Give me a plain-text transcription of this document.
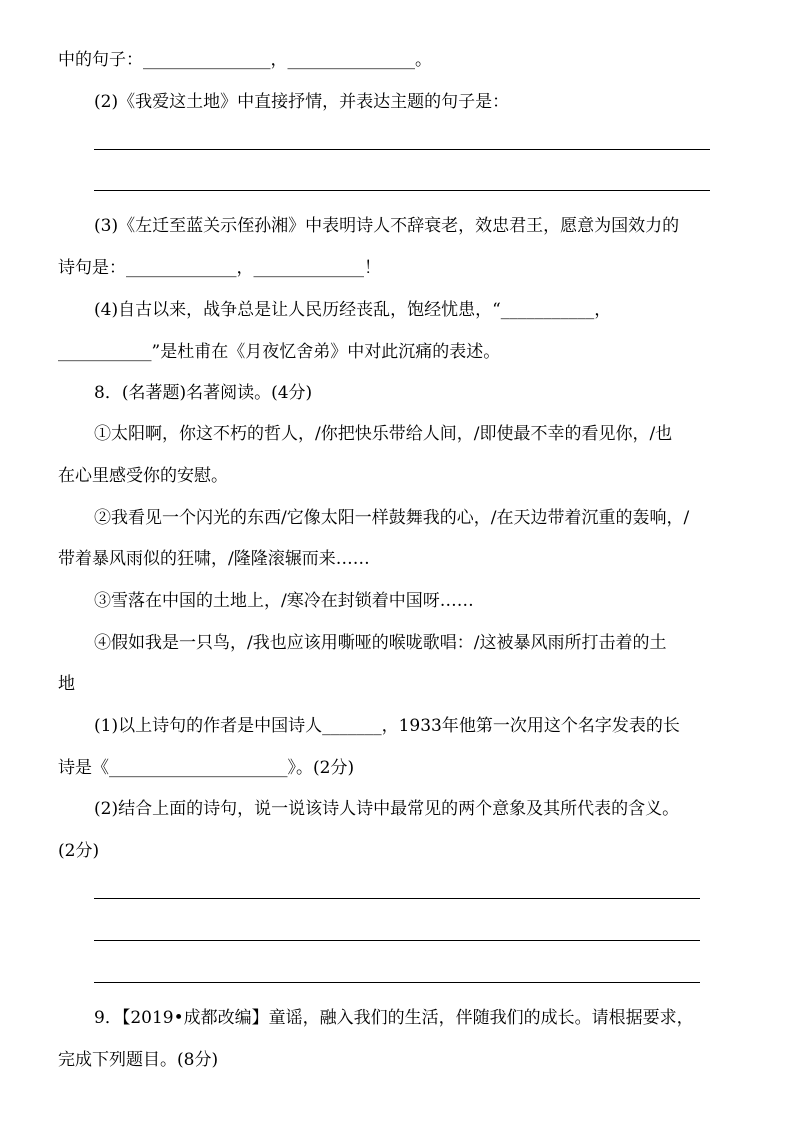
中的句子：_______________，_______________。
(2)《我爱这土地》中直接抒情，并表达主题的句子是：
(3)《左迁至蓝关示侄孙湘》中表明诗人不辞衰老，效忠君王，愿意为国效力的
诗句是：_____________，_____________！
(4)自古以来，战争总是让人民历经丧乱，饱经忧患，“___________，
___________”是杜甫在《月夜忆舍弟》中对此沉痛的表述。
8．(名著题)名著阅读。(4分)
①太阳啊，你这不朽的哲人，/你把快乐带给人间，/即使最不幸的看见你，/也
在心里感受你的安慰。
②我看见一个闪光的东西/它像太阳一样鼓舞我的心，/在天边带着沉重的轰响，/
带着暴风雨似的狂啸，/隆隆滚辗而来……
③雪落在中国的土地上，/寒冷在封锁着中国呀……
④假如我是一只鸟，/我也应该用嘶哑的喉咙歌唱：/这被暴风雨所打击着的土
地
(1)以上诗句的作者是中国诗人_______，1933年他第一次用这个名字发表的长
诗是《_____________________》。(2分)
(2)结合上面的诗句，说一说该诗人诗中最常见的两个意象及其所代表的含义。
(2分)
9．【2019•成都改编】童谣，融入我们的生活，伴随我们的成长。请根据要求，
完成下列题目。(8分)
